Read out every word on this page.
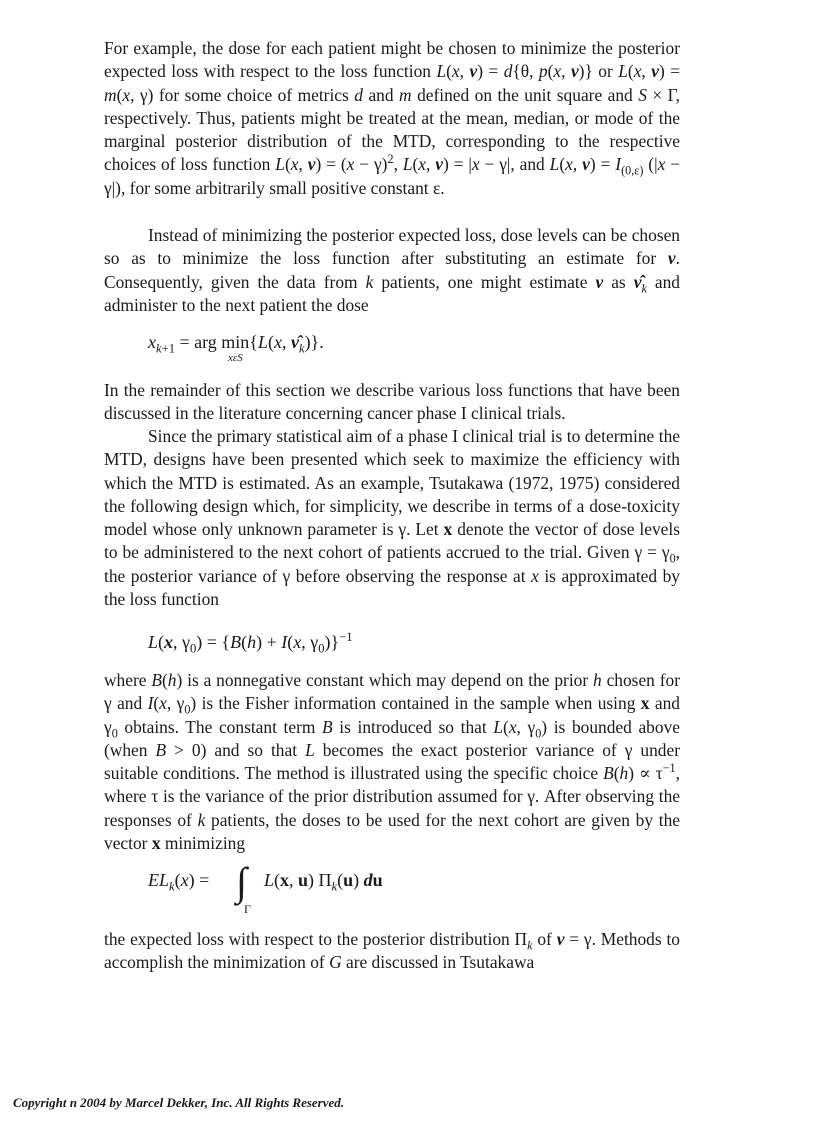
For example, the dose for each patient might be chosen to minimize the posterior expected loss with respect to the loss function L(x, ν) = d{θ, p(x, ν)} or L(x, ν) = m(x, γ) for some choice of metrics d and m defined on the unit square and S × Γ, respectively. Thus, patients might be treated at the mean, median, or mode of the marginal posterior distribution of the MTD, corresponding to the respective choices of loss function L(x, $\nu) = (x - \gamma)^2$, L(x, ν) = |x − γ|, and L(x, $\nu) = I_{(0,\varepsilon)}$ (|x − γ|), for some arbitrarily small positive constant ε.
Instead of minimizing the posterior expected loss, dose levels can be chosen so as to minimize the loss function after substituting an estimate for ν. Consequently, given the data from k patients, one might estimate ν as $\nû_k$ and administer to the next patient the dose
$x_{k+1}$ = arg min{L(x, $\nû_k$)}.
xεS
In the remainder of this section we describe various loss functions that have been discussed in the literature concerning cancer phase I clinical trials.
Since the primary statistical aim of a phase I clinical trial is to determine the MTD, designs have been presented which seek to maximize the efficiency with which the MTD is estimated. As an example, Tsutakawa (1972, 1975) considered the following design which, for simplicity, we describe in terms of a dose-toxicity model whose only unknown parameter is γ. Let x denote the vector of dose levels to be administered to the next cohort of patients accrued to the trial. Given $\gamma = \gamma_0$, the posterior variance of γ before observing the response at x is approximated by the loss function
L(x, $\gamma_0) = \{B(h) + I(x$, $\gamma_0)\}^{-1}$
where B(h) is a nonnegative constant which may depend on the prior h chosen for γ and I(x, $\gamma_0$) is the Fisher information contained in the sample when using x and $\gamma_0$ obtains. The constant term B is introduced so that L(x, $\gamma_0$) is bounded above (when B > 0) and so that L becomes the exact posterior variance of γ under suitable conditions. The method is illustrated using the specific choice $B(h) \propto \tau^{-1}$, where τ is the variance of the prior distribution assumed for γ. After observing the responses of k patients, the doses to be used for the next cohort are given by the vector x minimizing
$EL_k(x)$ = ∫
Γ
L(x, u) $\Pi_k(u)$ du
the expected loss with respect to the posterior distribution $\Pi_k$ of ν = γ. Methods to accomplish the minimization of G are discussed in Tsutakawa
Copyright n 2004 by Marcel Dekker, Inc. All Rights Reserved.
